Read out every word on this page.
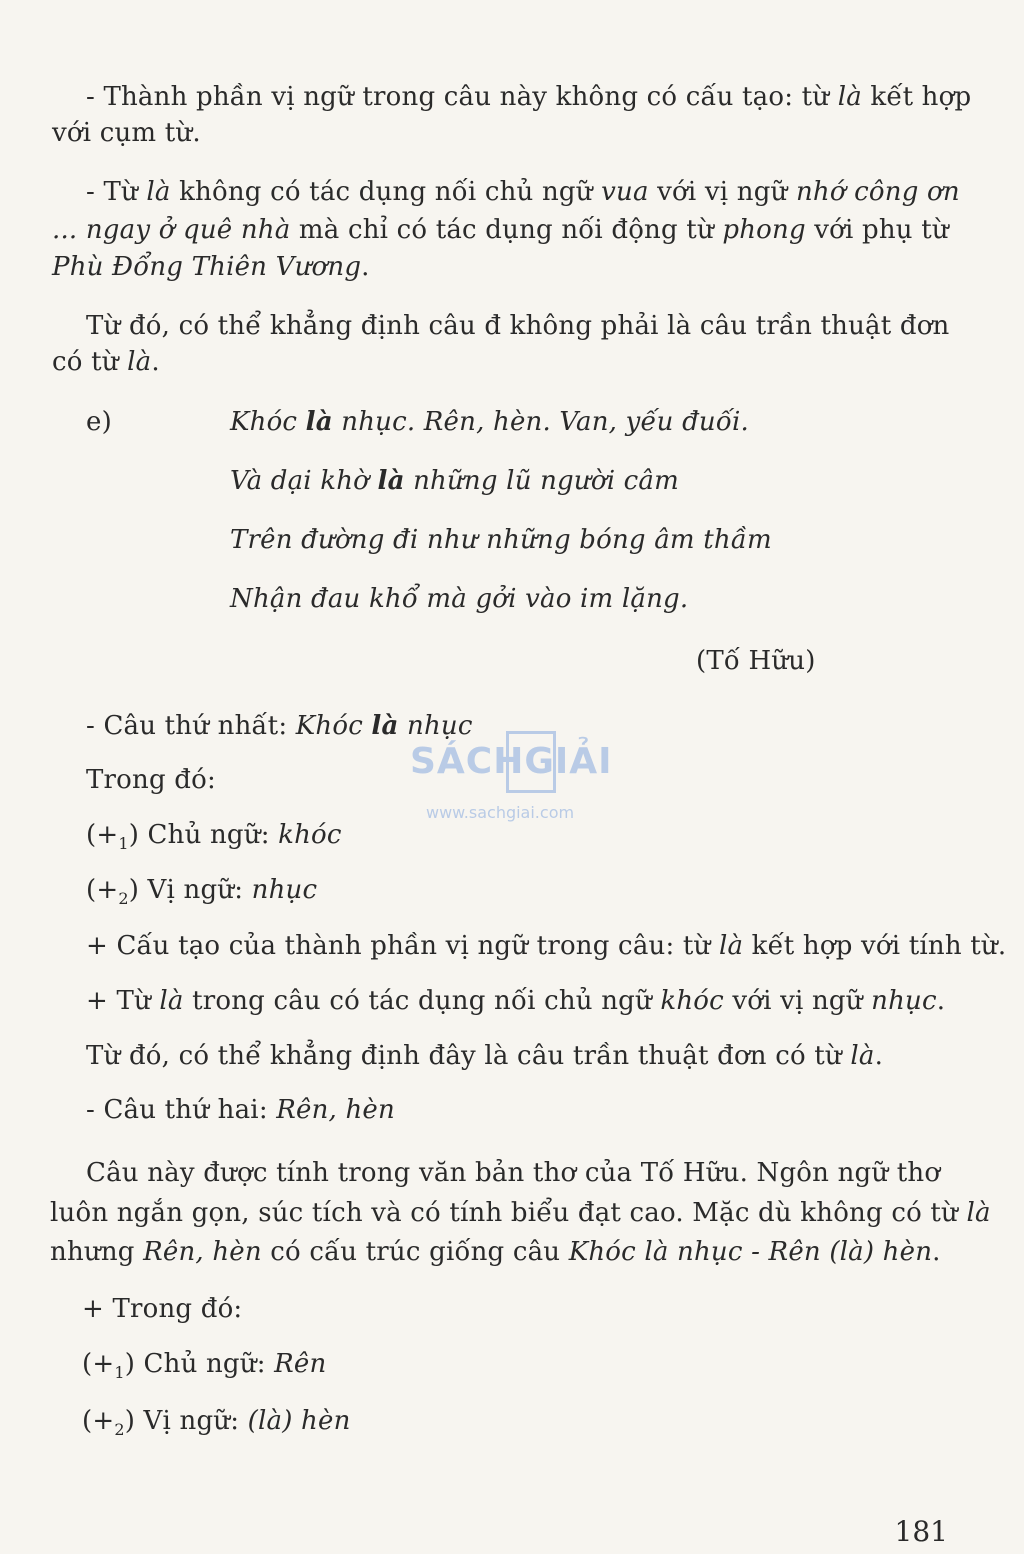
- Thành phần vị ngữ trong câu này không có cấu tạo: từ là kết hợp
với cụm từ.
- Từ là không có tác dụng nối chủ ngữ vua với vị ngữ nhớ công ơn
... ngay ở quê nhà mà chỉ có tác dụng nối động từ phong với phụ từ
Phù Đổng Thiên Vương.
Từ đó, có thể khẳng định câu đ không phải là câu trần thuật đơn
có từ là.
e)	Khóc là nhục. Rên, hèn. Van, yếu đuối.
Và dại khờ là những lũ người câm
Trên đường đi như những bóng âm thầm
Nhận đau khổ mà gởi vào im lặng.
(Tố Hữu)
- Câu thứ nhất: Khóc là nhục
Trong đó:
$(+_1)$ Chủ ngữ: khóc
$(+_2)$ Vị ngữ: nhục
+ Cấu tạo của thành phần vị ngữ trong câu: từ là kết hợp với tính từ.
+ Từ là trong câu có tác dụng nối chủ ngữ khóc với vị ngữ nhục.
Từ đó, có thể khẳng định đây là câu trần thuật đơn có từ là.
- Câu thứ hai: Rên, hèn
Câu này được tính trong văn bản thơ của Tố Hữu. Ngôn ngữ thơ
luôn ngắn gọn, súc tích và có tính biểu đạt cao. Mặc dù không có từ là
nhưng Rên, hèn có cấu trúc giống câu Khóc là nhục - Rên (là) hèn.
+ Trong đó:
$(+_1)$ Chủ ngữ: Rên
$(+_2)$ Vị ngữ: (là) hèn
SÁCHGIẢI
www.sachgiai.com
181
